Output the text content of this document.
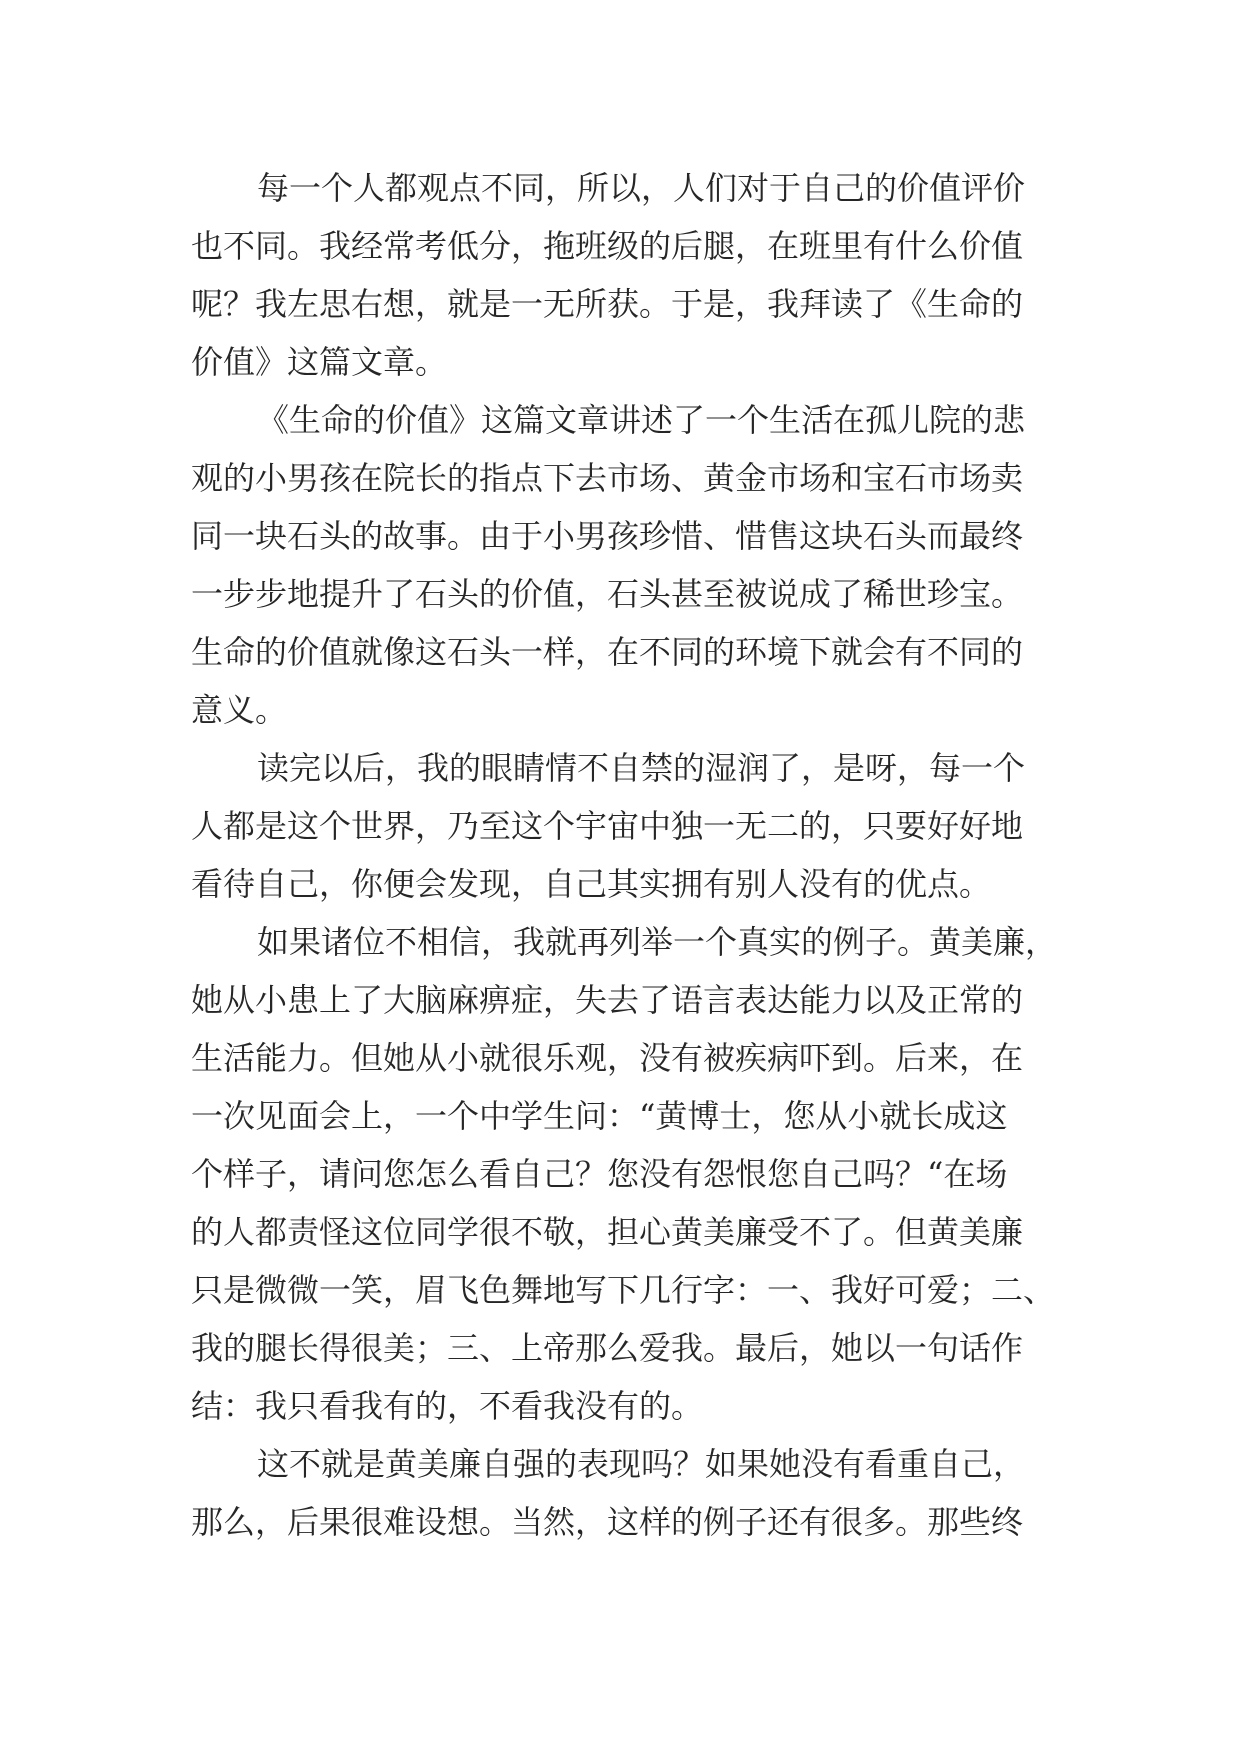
每一个人都观点不同，所以，人们对于自己的价值评价
也不同。我经常考低分，拖班级的后腿，在班里有什么价值
呢？我左思右想，就是一无所获。于是，我拜读了《生命的
价值》这篇文章。
《生命的价值》这篇文章讲述了一个生活在孤儿院的悲
观的小男孩在院长的指点下去市场、黄金市场和宝石市场卖
同一块石头的故事。由于小男孩珍惜、惜售这块石头而最终
一步步地提升了石头的价值，石头甚至被说成了稀世珍宝。
生命的价值就像这石头一样，在不同的环境下就会有不同的
意义。
读完以后，我的眼睛情不自禁的湿润了，是呀，每一个
人都是这个世界，乃至这个宇宙中独一无二的，只要好好地
看待自己，你便会发现，自己其实拥有别人没有的优点。
如果诸位不相信，我就再列举一个真实的例子。黄美廉，
她从小患上了大脑麻痹症，失去了语言表达能力以及正常的
生活能力。但她从小就很乐观，没有被疾病吓到。后来，在
一次见面会上，一个中学生问：“黄博士，您从小就长成这
个样子，请问您怎么看自己？您没有怨恨您自己吗？“在场
的人都责怪这位同学很不敬，担心黄美廉受不了。但黄美廉
只是微微一笑，眉飞色舞地写下几行字：一、我好可爱；二、
我的腿长得很美；三、上帝那么爱我。最后，她以一句话作
结：我只看我有的，不看我没有的。
这不就是黄美廉自强的表现吗？如果她没有看重自己，
那么，后果很难设想。当然，这样的例子还有很多。那些终
